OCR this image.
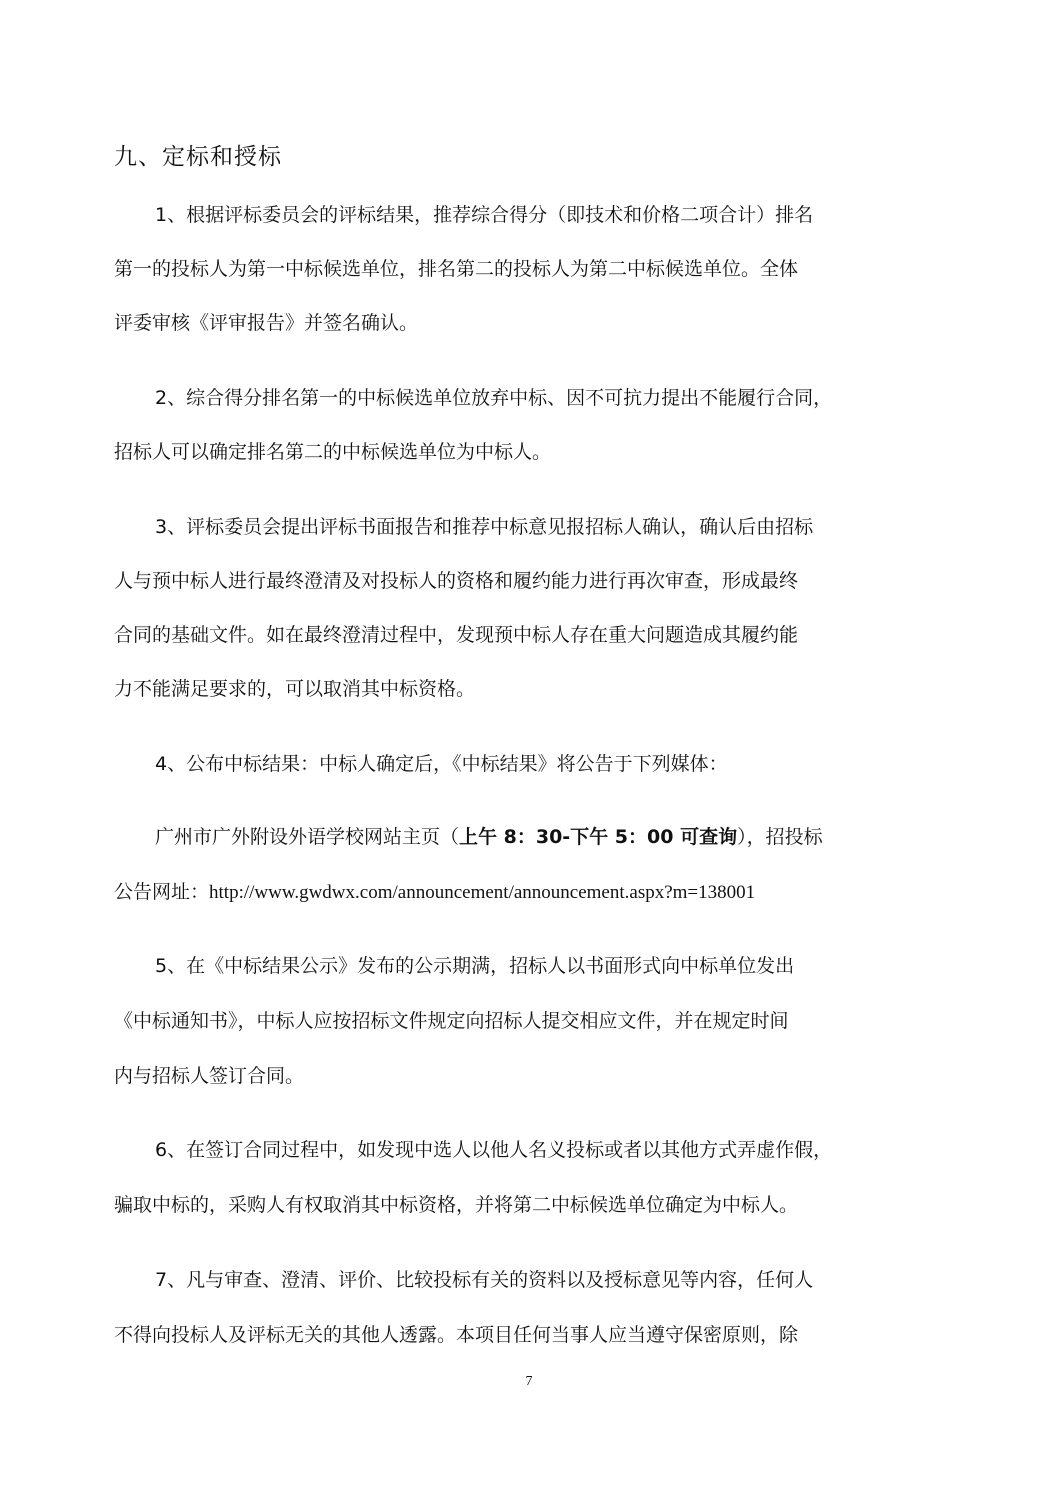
九、定标和授标
1、根据评标委员会的评标结果，推荐综合得分（即技术和价格二项合计）排名
第一的投标人为第一中标候选单位，排名第二的投标人为第二中标候选单位。全体
评委审核《评审报告》并签名确认。
2、综合得分排名第一的中标候选单位放弃中标、因不可抗力提出不能履行合同，
招标人可以确定排名第二的中标候选单位为中标人。
3、评标委员会提出评标书面报告和推荐中标意见报招标人确认，确认后由招标
人与预中标人进行最终澄清及对投标人的资格和履约能力进行再次审查，形成最终
合同的基础文件。如在最终澄清过程中，发现预中标人存在重大问题造成其履约能
力不能满足要求的，可以取消其中标资格。
4、公布中标结果：中标人确定后，《中标结果》将公告于下列媒体：
广州市广外附设外语学校网站主页（上午 8：30-下午 5：00 可查询），招投标
公告网址：http://www.gwdwx.com/announcement/announcement.aspx?m=138001
5、在《中标结果公示》发布的公示期满，招标人以书面形式向中标单位发出
《中标通知书》，中标人应按招标文件规定向招标人提交相应文件，并在规定时间
内与招标人签订合同。
6、在签订合同过程中，如发现中选人以他人名义投标或者以其他方式弄虚作假，
骗取中标的，采购人有权取消其中标资格，并将第二中标候选单位确定为中标人。
7、凡与审查、澄清、评价、比较投标有关的资料以及授标意见等内容，任何人
不得向投标人及评标无关的其他人透露。本项目任何当事人应当遵守保密原则，除
7
